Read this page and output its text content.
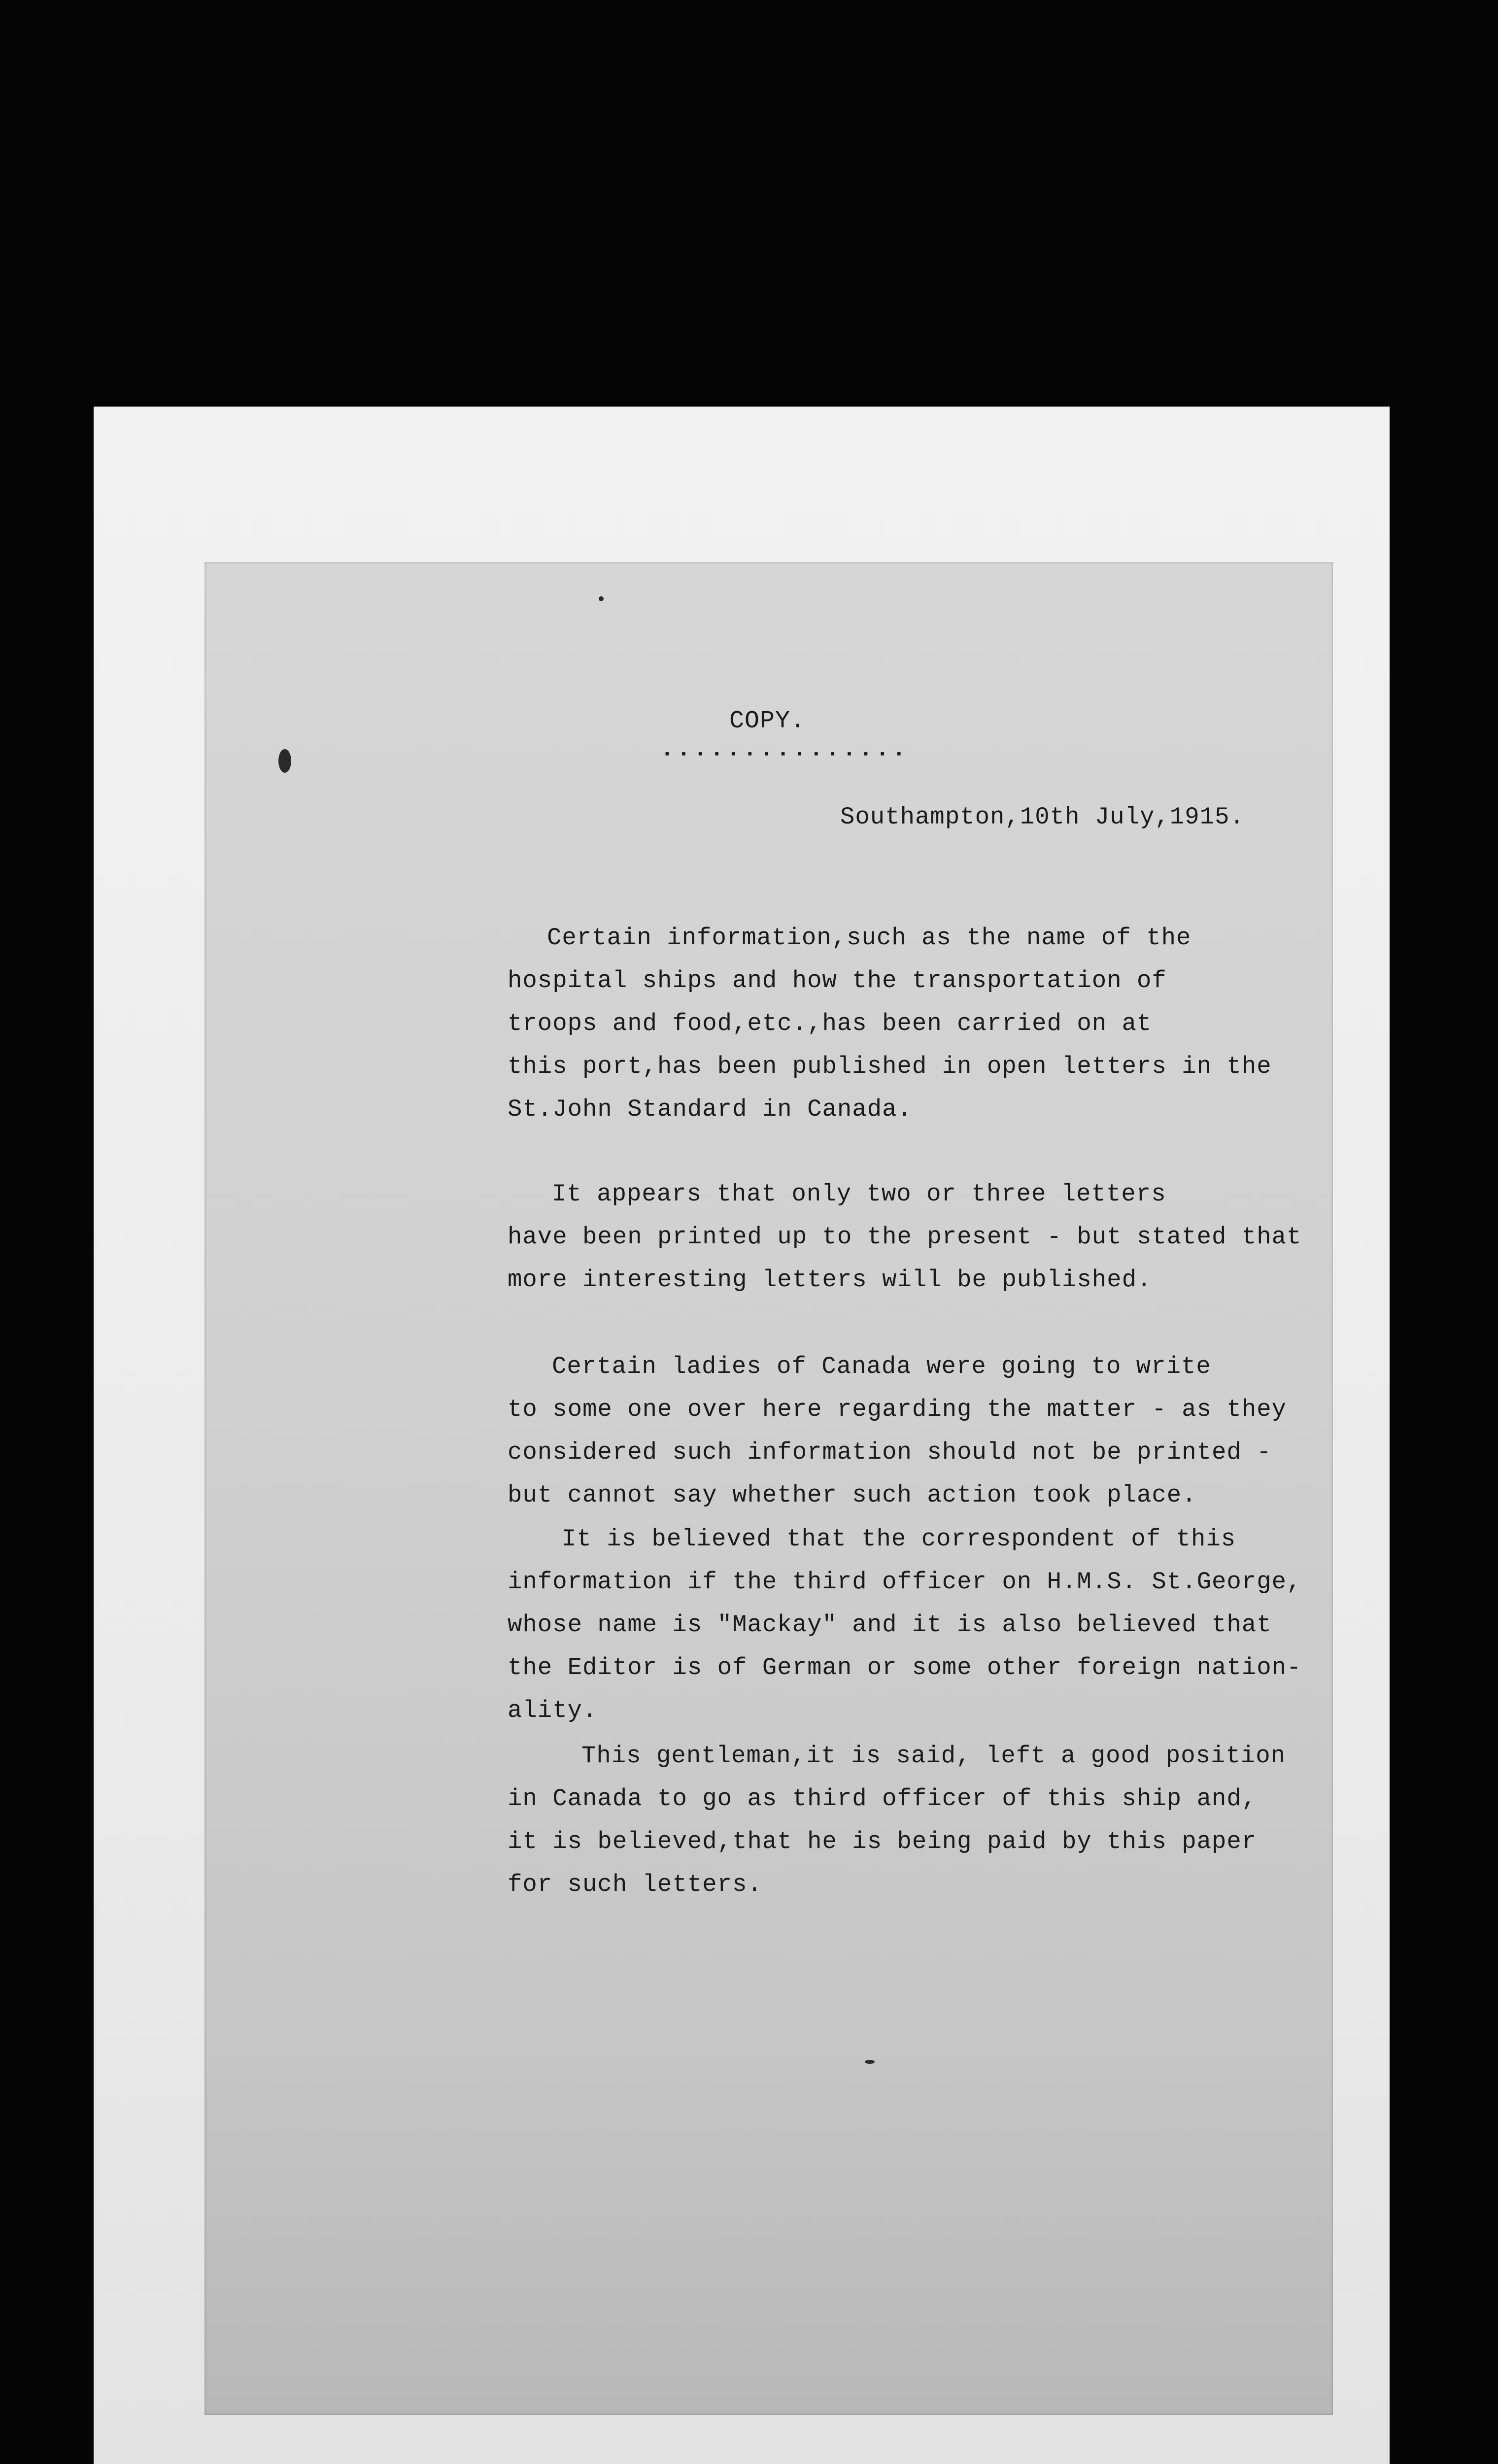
COPY.
...............
Southampton,10th July,1915.
Certain information,such as the name of the
hospital ships and how the transportation of
troops and food,etc.,has been carried on at
this port,has been published in open letters in the
St.John Standard in Canada.
It appears that only two or three letters
have been printed up to the present - but stated that
more interesting letters will be published.
Certain ladies of Canada were going to write
to some one over here regarding the matter - as they
considered such information should not be printed -
but cannot say whether such action took place.
It is believed that the correspondent of this
information if the third officer on H.M.S. St.George,
whose name is "Mackay" and it is also believed that
the Editor is of German or some other foreign nation-
ality.
This gentleman,it is said, left a good position
in Canada to go as third officer of this ship and,
it is believed,that he is being paid by this paper
for such letters.
